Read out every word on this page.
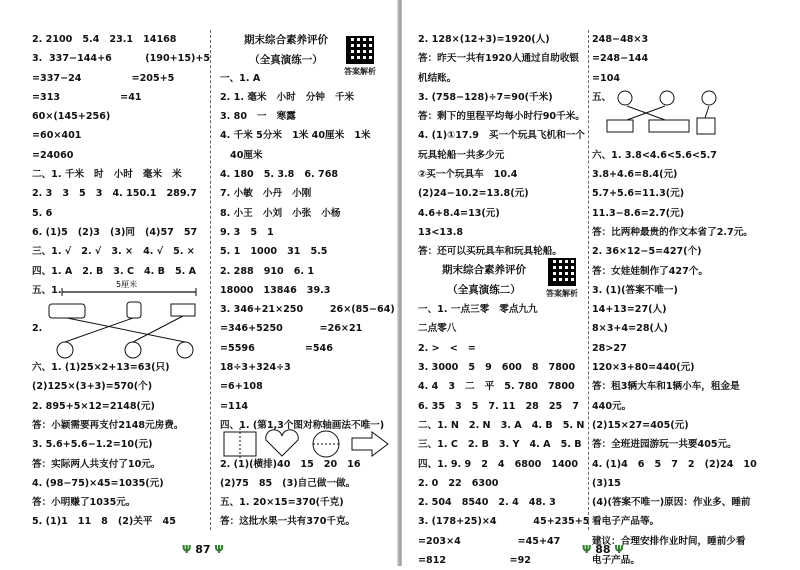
2. 2100   5.4   23.1   14168
3.  337−144+6          (190+15)+5
=337−24               =205+5
=313                  =41
60×(145+256)
=60×401
=24060
二、1. 千米   时   小时   毫米   米
2. 3   3   5   3   4. 150.1   289.7
5. 6
6. (1)5   (2)3   (3)同   (4)57   57
三、1. √   2. √   3. ×   4. √   5. ×
四、1. A   2. B   3. C   4. B   5. A
五、1.
2.
六、1. (1)25×2+13=63(只)
(2)125×(3+3)=570(个)
2. 895+5×12=2148(元)
答：小颖需要再支付2148元房费。
3. 5.6+5.6−1.2=10(元)
答：实际两人共支付了10元。
4. (98−75)×45=1035(元)
答：小明赚了1035元。
5. (1)1   11   8   (2)关平   45
一、1. A
2. 1. 毫米   小时   分钟   千米
3. 80   一   寒露
4. 千米 5分米   1米 40厘米   1米
40厘米
4. 180   5. 3.8   6. 768
7. 小敏   小丹   小刚
8. 小王   小刘   小张   小杨
9. 3   5   1
5. 1   1000   31   5.5
2. 288   910   6. 1
18000   13846   39.3
3. 346+21×250        26×(85−64)
=346+5250           =26×21
=5596               =546
18÷3+324÷3
=6+108
=114
四、1. (第1,3个图对称轴画法不唯一)
2. (1)(横排)40   15   20   16
(2)75   85   (3)自己做一做。
五、1. 20×15=370(千克)
答：这批水果一共有370千克。
期末综合素养评价
（全真演练一）
答案解析
5厘米
Ψ 87 Ψ	Ψ 88 Ψ
2. 128×(12+3)=1920(人)
答：昨天一共有1920人通过自助收银
机结账。
3. (758−128)÷7=90(千米)
答：剩下的里程平均每小时行90千米。
4. (1)①17.9   买一个玩具飞机和一个
玩具轮船一共多少元
②买一个玩具车   10.4
(2)24−10.2=13.8(元)
4.6+8.4=13(元)
13<13.8
答：还可以买玩具车和玩具轮船。
一、1. 一点三零   零点九九
二点零八
2. >   <   =
3. 3000   5   9   600   8   7800
4. 4   3   二   平   5. 780   7800
6. 35   3   5   7. 11   28   25   7
二、1. N   2. N   3. A   4. B   5. N
三、1. C   2. B   3. Y   4. A   5. B
四、1. 9. 9   2   4   6800   1400
2. 0   22   6300
2. 504   8540   2. 4   48. 3
3. (178+25)×4           45+235+5
=203×4                 =45+47
=812                   =92
248−48×3
=248−144
=104
五、
六、1. 3.8<4.6<5.6<5.7
3.8+4.6=8.4(元)
5.7+5.6=11.3(元)
11.3−8.6=2.7(元)
答：比两种最贵的作文本省了2.7元。
2. 36×12−5=427(个)
答：女娃娃制作了427个。
3. (1)(答案不唯一)
14+13=27(人)
8×3+4=28(人)
28>27
120×3+80=440(元)
答：租3辆大车和1辆小车，租金是
440元。
(2)15×27=405(元)
答：全班进园游玩一共要405元。
4. (1)4   6   5   7   2   (2)24   10
(3)15
(4)(答案不唯一)原因：作业多、睡前
看电子产品等。
建议：合理安排作业时间，睡前少看
电子产品。
期末综合素养评价
（全真演练二）	答案解析
